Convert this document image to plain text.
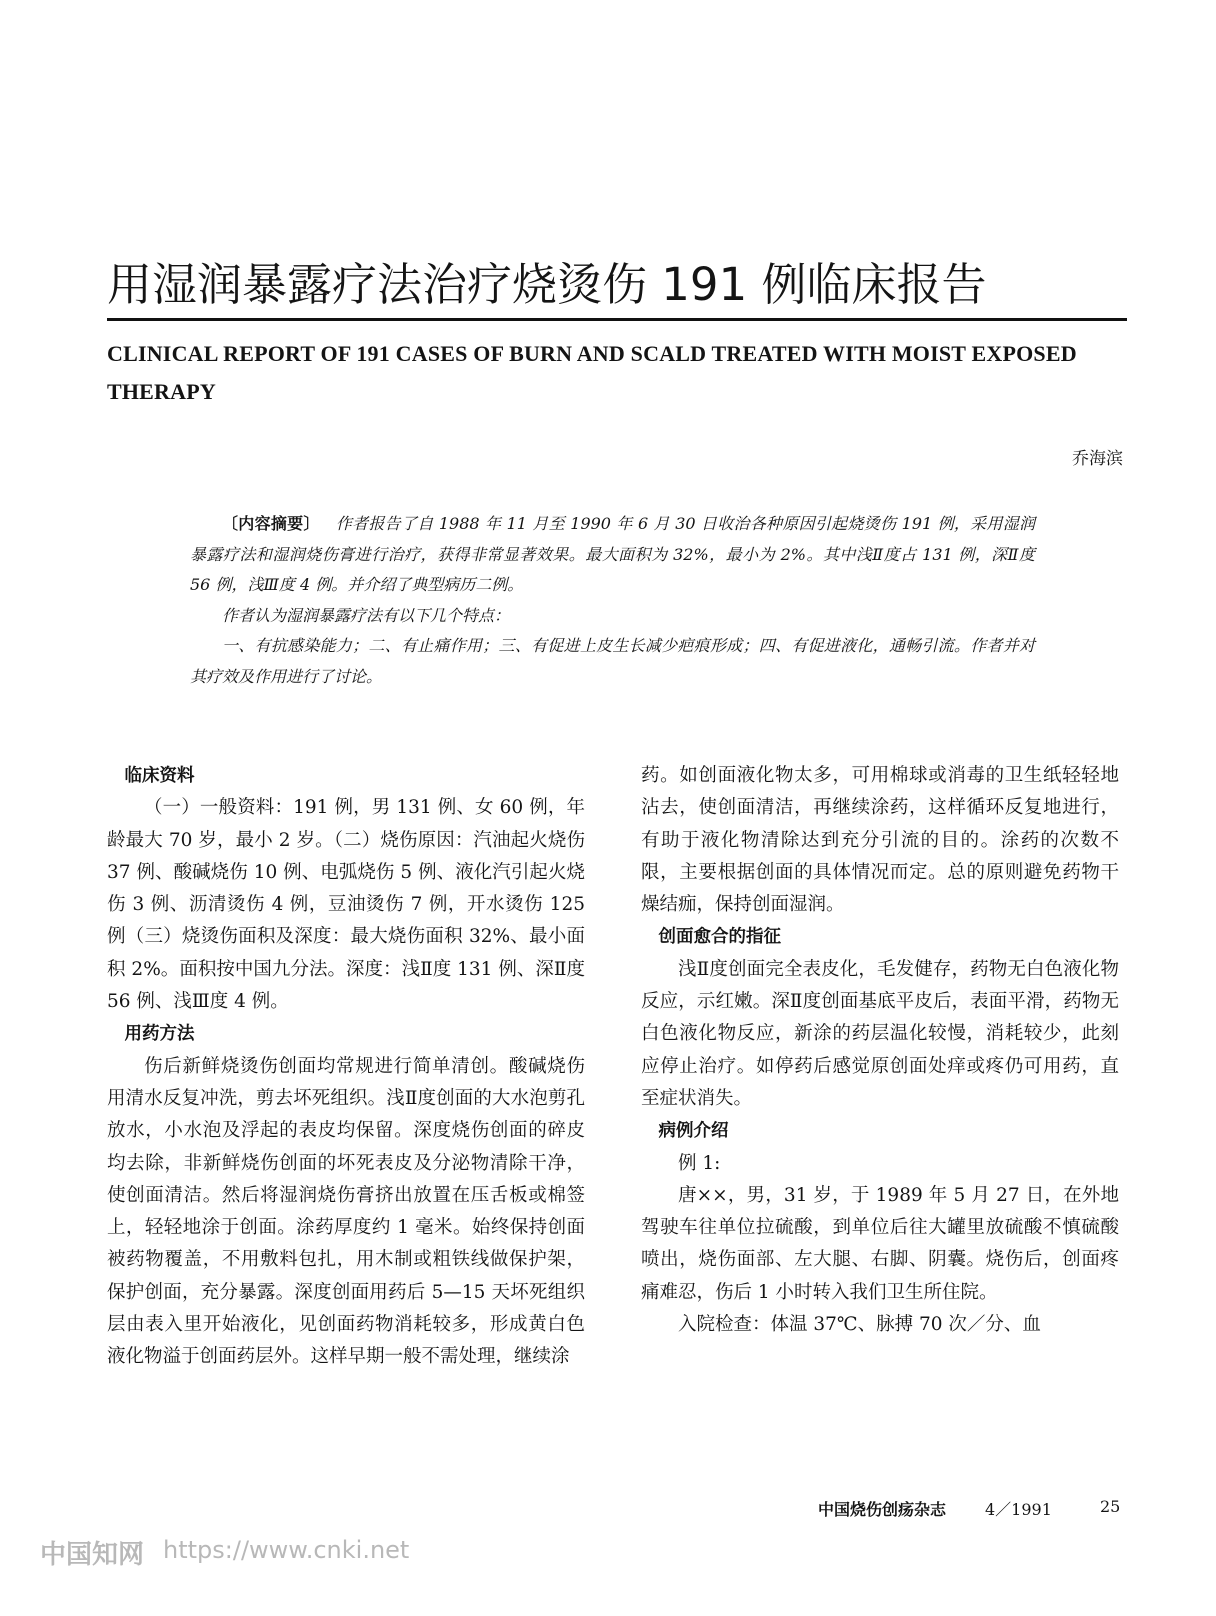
用湿润暴露疗法治疗烧烫伤 191 例临床报告
CLINICAL REPORT OF 191 CASES OF BURN AND SCALD TREATED WITH MOIST EXPOSED THERAPY
乔海滨

〔内容摘要〕 作者报告了自 1988 年 11 月至 1990 年 6 月 30 日收治各种原因引起烧烫伤 191 例，采用湿润暴露疗法和湿润烧伤膏进行治疗，获得非常显著效果。最大面积为 32%，最小为 2%。其中浅Ⅱ度占 131 例，深Ⅱ度 56 例，浅Ⅲ度 4 例。并介绍了典型病历二例。

作者认为湿润暴露疗法有以下几个特点：

一、有抗感染能力；二、有止痛作用；三、有促进上皮生长减少疤痕形成；四、有促进液化，通畅引流。作者并对其疗效及作用进行了讨论。

临床资料

（一）一般资料：191 例，男 131 例、女 60 例，年龄最大 70 岁，最小 2 岁。（二）烧伤原因：汽油起火烧伤 37 例、酸碱烧伤 10 例、电弧烧伤 5 例、液化汽引起火烧伤 3 例、沥清烫伤 4 例，豆油烫伤 7 例，开水烫伤 125 例（三）烧烫伤面积及深度：最大烧伤面积 32%、最小面积 2%。面积按中国九分法。深度：浅Ⅱ度 131 例、深Ⅱ度 56 例、浅Ⅲ度 4 例。

用药方法

伤后新鲜烧烫伤创面均常规进行简单清创。酸碱烧伤用清水反复冲洗，剪去坏死组织。浅Ⅱ度创面的大水泡剪孔放水，小水泡及浮起的表皮均保留。深度烧伤创面的碎皮均去除，非新鲜烧伤创面的坏死表皮及分泌物清除干净，使创面清洁。然后将湿润烧伤膏挤出放置在压舌板或棉签上，轻轻地涂于创面。涂药厚度约 1 毫米。始终保持创面被药物覆盖，不用敷料包扎，用木制或粗铁线做保护架，保护创面，充分暴露。深度创面用药后 5—15 天坏死组织层由表入里开始液化，见创面药物消耗较多，形成黄白色液化物溢于创面药层外。这样早期一般不需处理，继续涂

药。如创面液化物太多，可用棉球或消毒的卫生纸轻轻地沾去，使创面清洁，再继续涂药，这样循环反复地进行，有助于液化物清除达到充分引流的目的。涂药的次数不限，主要根据创面的具体情况而定。总的原则避免药物干燥结痂，保持创面湿润。

创面愈合的指征

浅Ⅱ度创面完全表皮化，毛发健存，药物无白色液化物反应，示红嫩。深Ⅱ度创面基底平皮后，表面平滑，药物无白色液化物反应，新涂的药层温化较慢，消耗较少，此刻应停止治疗。如停药后感觉原创面处痒或疼仍可用药，直至症状消失。

病例介绍

例 1:

唐××，男，31 岁，于 1989 年 5 月 27 日，在外地驾驶车往单位拉硫酸，到单位后往大罐里放硫酸不慎硫酸喷出，烧伤面部、左大腿、右脚、阴囊。烧伤后，创面疼痛难忍，伤后 1 小时转入我们卫生所住院。

入院检查：体温 37℃、脉搏 70 次／分、血

中国烧伤创疡杂志 4／1991	25
中国知网 https://www.cnki.net
